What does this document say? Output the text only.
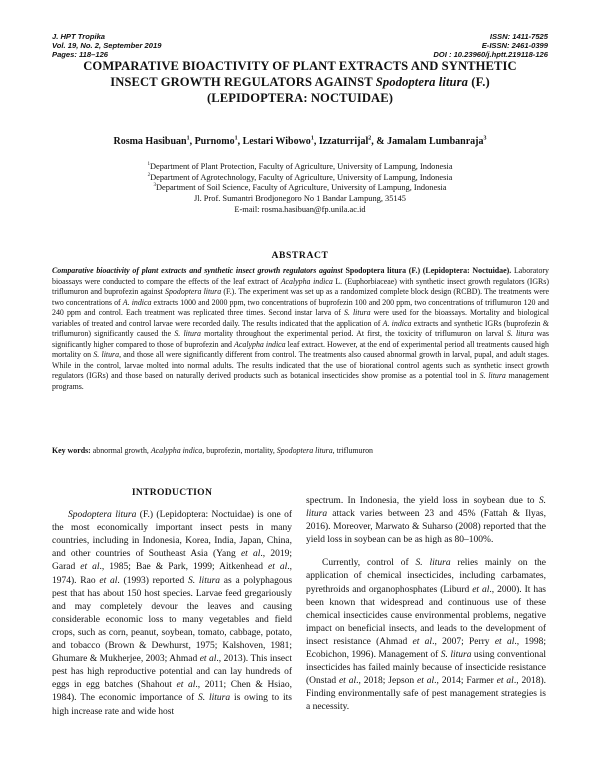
J. HPT Tropika
Vol. 19, No. 2, September 2019
Pages: 118–126
ISSN: 1411-7525
E-ISSN: 2461-0399
DOI : 10.23960/j.hptt.219118-126
COMPARATIVE BIOACTIVITY OF PLANT EXTRACTS AND SYNTHETIC
INSECT GROWTH REGULATORS AGAINST Spodoptera litura (F.)
(LEPIDOPTERA: NOCTUIDAE)
Rosma Hasibuan$^1$, Purnomo$^1$, Lestari Wibowo$^1$, Izzaturrijal$^2$, & Jamalam Lumbanraja$^3$
$^1$Department of Plant Protection, Faculty of Agriculture, University of Lampung, Indonesia
$^2$Department of Agrotechnology, Faculty of Agriculture, University of Lampung, Indonesia
$^3$Department of Soil Science, Faculty of Agriculture, University of Lampung, Indonesia
Jl. Prof. Sumantri Brodjonegoro No 1 Bandar Lampung, 35145
E-mail: rosma.hasibuan@fp.unila.ac.id
ABSTRACT
Comparative bioactivity of plant extracts and synthetic insect growth regulators against Spodoptera litura (F.) (Lepidoptera: Noctuidae). Laboratory bioassays were conducted to compare the effects of the leaf extract of Acalypha indica L. (Euphorbiaceae) with synthetic insect growth regulators (IGRs) triflumuron and buprofezin against Spodoptera litura (F.). The experiment was set up as a randomized complete block design (RCBD). The treatments were two concentrations of A. indica extracts 1000 and 2000 ppm, two concentrations of buprofezin 100 and 200 ppm, two concentrations of triflumuron 120 and 240 ppm and control. Each treatment was replicated three times. Second instar larva of S. litura were used for the bioassays. Mortality and biological variables of treated and control larvae were recorded daily. The results indicated that the application of A. indica extracts and synthetic IGRs (buprofezin & triflumuron) significantly caused the S. litura mortality throughout the experimental period. At first, the toxicity of triflumuron on larval S. litura was significantly higher compared to those of buprofezin and Acalypha indica leaf extract. However, at the end of experimental period all treatments caused high mortality on S. litura, and those all were significantly different from control. The treatments also caused abnormal growth in larval, pupal, and adult stages. While in the control, larvae molted into normal adults. The results indicated that the use of biorational control agents such as synthetic insect growth regulators (IGRs) and those based on naturally derived products such as botanical insecticides show promise as a potential tool in S. litura management programs.
Key words: abnormal growth, Acalypha indica, buprofezin, mortality, Spodoptera litura, triflumuron
INTRODUCTION

Spodoptera litura (F.) (Lepidoptera: Noctuidae) is one of the most economically important insect pests in many countries, including in Indonesia, Korea, India, Japan, China, and other countries of Southeast Asia (Yang et al., 2019; Garad et al., 1985; Bae & Park, 1999; Aitkenhead et al., 1974). Rao et al. (1993) reported S. litura as a polyphagous pest that has about 150 host species. Larvae feed gregariously and may completely devour the leaves and causing considerable economic loss to many vegetables and field crops, such as corn, peanut, soybean, tomato, cabbage, potato, and tobacco (Brown & Dewhurst, 1975; Kalshoven, 1981; Ghumare & Mukherjee, 2003; Ahmad et al., 2013). This insect pest has high reproductive potential and can lay hundreds of eggs in egg batches (Shahout et al., 2011; Chen & Hsiao, 1984). The economic importance of S. litura is owing to its high increase rate and wide host

spectrum. In Indonesia, the yield loss in soybean due to S. litura attack varies between 23 and 45% (Fattah & Ilyas, 2016). Moreover, Marwato & Suharso (2008) reported that the yield loss in soybean can be as high as 80–100%.

Currently, control of S. litura relies mainly on the application of chemical insecticides, including carbamates, pyrethroids and organophosphates (Liburd et al., 2000). It has been known that widespread and continuous use of these chemical insecticides cause environmental problems, negative impact on beneficial insects, and leads to the development of insect resistance (Ahmad et al., 2007; Perry et al., 1998; Ecobichon, 1996). Management of S. litura using conventional insecticides has failed mainly because of insecticide resistance (Onstad et al., 2018; Jepson et al., 2014; Farmer et al., 2018). Finding environmentally safe of pest management strategies is a necessity.
